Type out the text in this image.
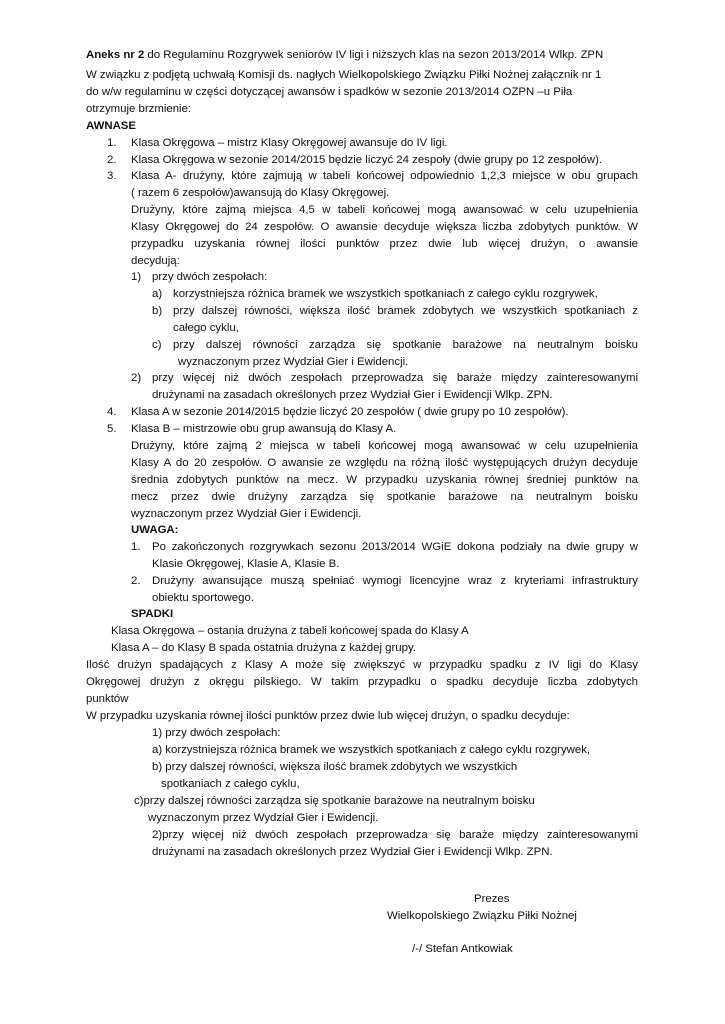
Aneks nr 2 do Regulaminu Rozgrywek seniorów IV ligi i niższych klas na sezon 2013/2014 Wlkp. ZPN
W związku z podjętą uchwałą Komisji ds. nagłych Wielkopolskiego Związku Piłki Nożnej załącznik nr 1
do w/w regulaminu w części dotyczącej awansów i spadków w sezonie 2013/2014 OZPN –u Piła
otrzymuje brzmienie:
AWNASE
1. Klasa Okręgowa – mistrz Klasy Okręgowej awansuje do IV ligi.
2. Klasa Okręgowa w sezonie 2014/2015 będzie liczyć 24 zespoły (dwie grupy po 12 zespołów).
3. Klasa A- drużyny, które zajmują w tabeli końcowej odpowiednio 1,2,3 miejsce w obu grupach
( razem 6 zespołów)awansują do Klasy Okręgowej.
Drużyny, które zajmą miejsca 4,5 w tabeli końcowej mogą awansować w celu uzupełnienia
Klasy Okręgowej do 24 zespołów. O awansie decyduje większa liczba zdobytych punktów. W
przypadku uzyskania równej ilości punktów przez dwie lub więcej drużyn, o awansie
decydują:
1) przy dwóch zespołach:
a) korzystniejsza różnica bramek we wszystkich spotkaniach z całego cyklu rozgrywek,
b) przy dalszej równości, większa ilość bramek zdobytych we wszystkich spotkaniach z
całego cyklu,
c) przy dalszej równości zarządza się spotkanie barażowe na neutralnym boisku
wyznaczonym przez Wydział Gier i Ewidencji.
2) przy więcej niż dwóch zespołach przeprowadza się baraże między zainteresowanymi
drużynami na zasadach określonych przez Wydział Gier i Ewidencji Wlkp. ZPN.
4. Klasa A w sezonie 2014/2015 będzie liczyć 20 zespołów ( dwie grupy po 10 zespołów).
5. Klasa B – mistrzowie obu grup awansują do Klasy A.
Drużyny, które zajmą 2 miejsca w tabeli końcowej mogą awansować w celu uzupełnienia
Klasy A do 20 zespołów. O awansie ze względu na różną ilość występujących drużyn decyduje
średnia zdobytych punktów na mecz. W przypadku uzyskania równej średniej punktów na
mecz przez dwie drużyny zarządza się spotkanie barażowe na neutralnym boisku
wyznaczonym przez Wydział Gier i Ewidencji.
UWAGA:
1. Po zakończonych rozgrywkach sezonu 2013/2014 WGiE dokona podziały na dwie grupy w
Klasie Okręgowej, Klasie A, Klasie B.
2. Drużyny awansujące muszą spełniać wymogi licencyjne wraz z kryteriami infrastruktury
obiektu sportowego.
SPADKI
Klasa Okręgowa – ostania drużyna z tabeli końcowej spada do Klasy A
Klasa A – do Klasy B spada ostatnia drużyna z każdej grupy.
Ilość drużyn spadających z Klasy A może się zwiększyć w przypadku spadku z IV ligi do Klasy
Okręgowej drużyn z okręgu pilskiego. W takim przypadku o spadku decyduje liczba zdobytych
punktów
W przypadku uzyskania równej ilości punktów przez dwie lub więcej drużyn, o spadku decyduje:
1) przy dwóch zespołach:
a) korzystniejsza różnica bramek we wszystkich spotkaniach z całego cyklu rozgrywek,
b) przy dalszej równości, większa ilość bramek zdobytych we wszystkich
spotkaniach z całego cyklu,
c)przy dalszej równości zarządza się spotkanie barażowe na neutralnym boisku
wyznaczonym przez Wydział Gier i Ewidencji.
2)przy więcej niż dwóch zespołach przeprowadza się baraże między zainteresowanymi
drużynami na zasadach określonych przez Wydział Gier i Ewidencji Wlkp. ZPN.
Prezes
Wielkopolskiego Związku Piłki Nożnej
/-/ Stefan Antkowiak
